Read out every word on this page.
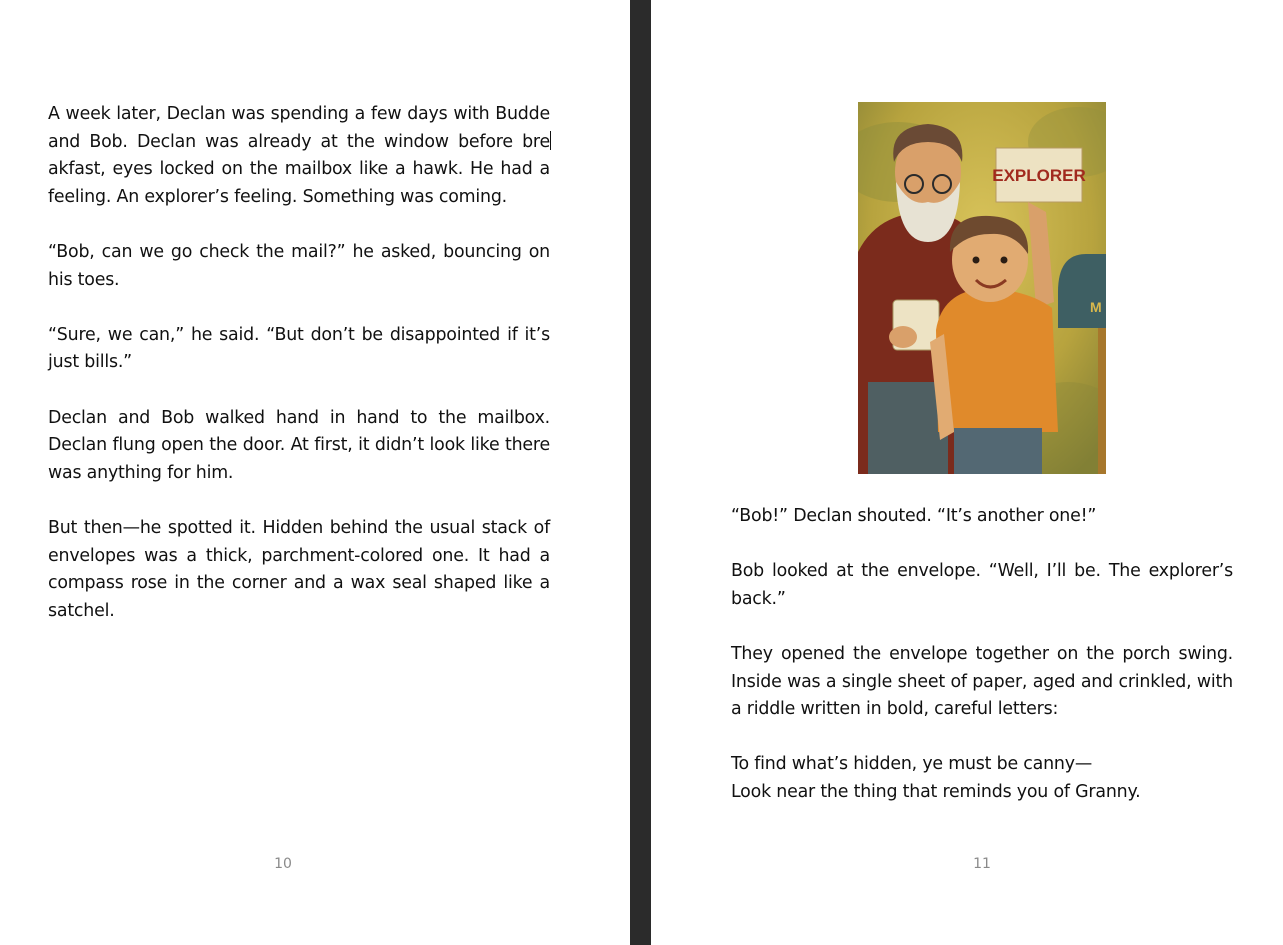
A week later, Declan was spending a few days with Budde and Bob. Declan was already at the window before breakfast, eyes locked on the mailbox like a hawk. He had a feeling. An explorer’s feeling. Something was coming.

“Bob, can we go check the mail?” he asked, bouncing on his toes.

“Sure, we can,” he said. “But don’t be disappointed if it’s just bills.”

Declan and Bob walked hand in hand to the mailbox. Declan flung open the door. At first, it didn’t look like there was anything for him.

But then—he spotted it. Hidden behind the usual stack of envelopes was a thick, parchment-colored one. It had a compass rose in the corner and a wax seal shaped like a satchel.

10
M
EXPLORER

“Bob!” Declan shouted. “It’s another one!”

Bob looked at the envelope. “Well, I’ll be. The explorer’s back.”

They opened the envelope together on the porch swing. Inside was a single sheet of paper, aged and crinkled, with a riddle written in bold, careful letters:

To find what’s hidden, ye must be canny—

Look near the thing that reminds you of Granny.

11
